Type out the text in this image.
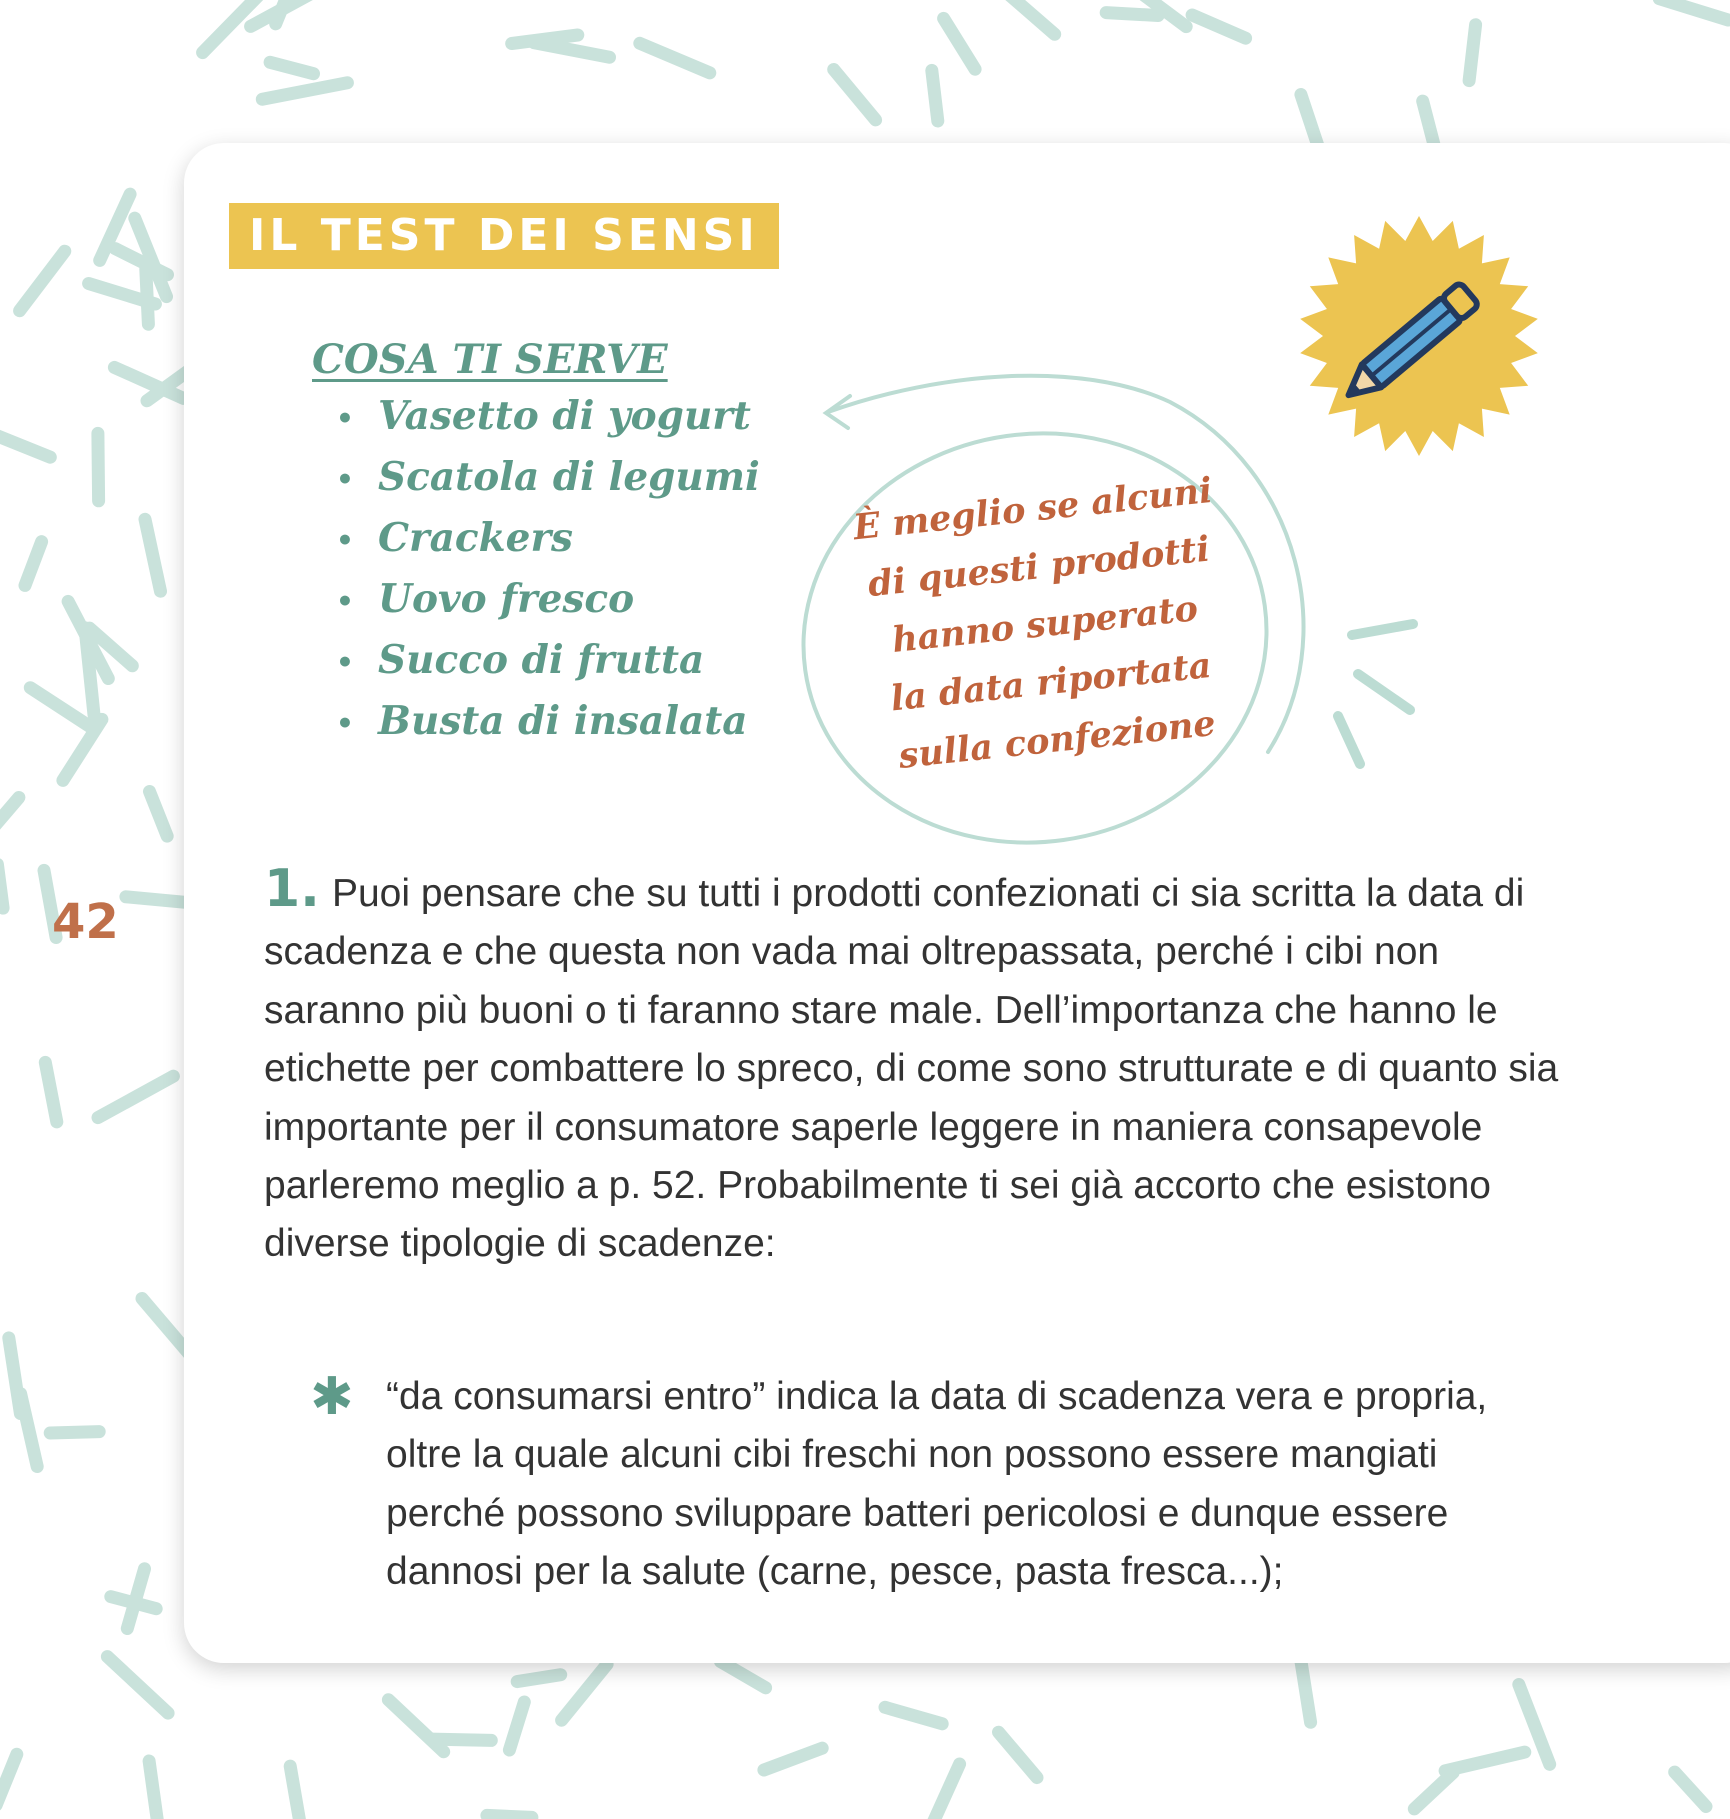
42
IL TEST DEI SENSI
COSA TI SERVE
• Vasetto di yogurt
• Scatola di legumi
• Crackers
• Uovo fresco
• Succo di frutta
• Busta di insalata
È meglio se alcuni
di questi prodotti
hanno superato
la data riportata
sulla confezione

1. Puoi pensare che su tutti i prodotti confezionati ci sia scritta la data di scadenza e che questa non vada mai oltrepassata, perché i cibi non saranno più buoni o ti faranno stare male. Dell’importanza che hanno le etichette per combattere lo spreco, di come sono strutturate e di quanto sia importante per il consumatore saperle leggere in maniera consapevole parleremo meglio a p. 52. Probabilmente ti sei già accorto che esistono diverse tipologie di scadenze:

✱ “da consumarsi entro” indica la data di scadenza vera e propria,
oltre la quale alcuni cibi freschi non possono essere mangiati
perché possono sviluppare batteri pericolosi e dunque essere
dannosi per la salute (carne, pesce, pasta fresca...);
